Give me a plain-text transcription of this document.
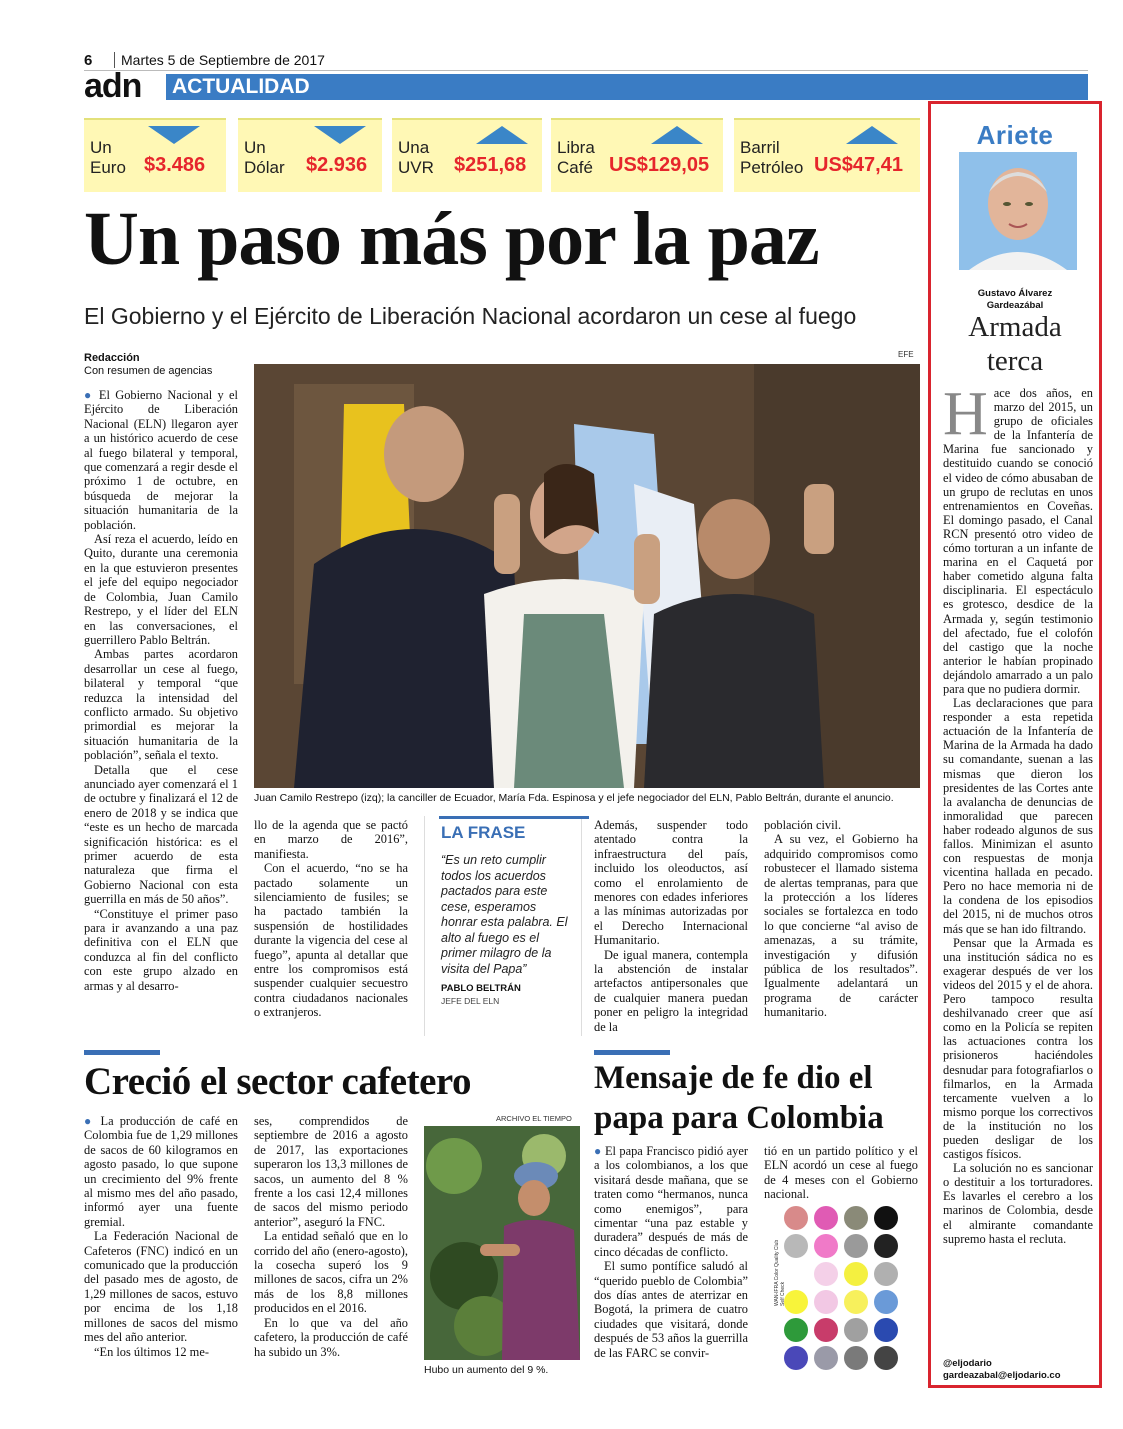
6	Martes 5 de Septiembre de 2017
adn ACTUALIDAD
Un
Euro $3.486
Un
Dólar $2.936
Una
UVR $251,68
Libra
Café US$129,05
Barril
Petróleo US$47,41
Un paso más por la paz
El Gobierno y el Ejército de Liberación Nacional acordaron un cese al fuego
Redacción
Con resumen de agencias
EFE
Juan Camilo Restrepo (izq); la canciller de Ecuador, María Fda. Espinosa y el jefe negociador del ELN, Pablo Beltrán, durante el anuncio.

● El Gobierno Nacional y el Ejército de Liberación Nacional (ELN) llegaron ayer a un histórico acuerdo de cese al fuego bilateral y temporal, que comenzará a regir desde el próximo 1 de octubre, en búsqueda de mejorar la situación humanitaria de la población.

Así reza el acuerdo, leído en Quito, durante una ceremonia en la que estuvieron presentes el jefe del equipo negociador de Colombia, Juan Camilo Restrepo, y el líder del ELN en las conversaciones, el guerrillero Pablo Beltrán.

Ambas partes acordaron desarrollar un cese al fuego, bilateral y temporal “que reduzca la intensidad del conflicto armado. Su objetivo primordial es mejorar la situación humanitaria de la población”, señala el texto.

Detalla que el cese anunciado ayer comenzará el 1 de octubre y finalizará el 12 de enero de 2018 y se indica que “este es un hecho de marcada significación histórica: es el primer acuerdo de esta naturaleza que firma el Gobierno Nacional con esta guerrilla en más de 50 años”.

“Constituye el primer paso para ir avanzando a una paz definitiva con el ELN que conduzca al fin del conflicto con este grupo alzado en armas y al desarro-

llo de la agenda que se pactó en marzo de 2016”, manifiesta.

Con el acuerdo, “no se ha pactado solamente un silenciamiento de fusiles; se ha pactado también la suspensión de hostilidades durante la vigencia del cese al fuego”, apunta al detallar que entre los compromisos está suspender cualquier secuestro contra ciudadanos nacionales o extranjeros.

LA FRASE
“Es un reto cumplir todos los acuerdos pactados para este cese, esperamos honrar esta palabra. El alto al fuego es el primer milagro de la visita del Papa”
PABLO BELTRÁN
JEFE DEL ELN

Además, suspender todo atentado contra la infraestructura del país, incluido los oleoductos, así como el enrolamiento de menores con edades inferiores a las mínimas autorizadas por el Derecho Internacional Humanitario.

De igual manera, contempla la abstención de instalar artefactos antipersonales que de cualquier manera puedan poner en peligro la integridad de la

población civil.

A su vez, el Gobierno ha adquirido compromisos como robustecer el llamado sistema de alertas tempranas, para que la protección a los líderes sociales se fortalezca en todo lo que concierne “al aviso de amenazas, a su trámite, investigación y difusión pública de los resultados”. Igualmente adelantará un programa de carácter humanitario.

Creció el sector cafetero

● La producción de café en Colombia fue de 1,29 millones de sacos de 60 kilogramos en agosto pasado, lo que supone un crecimiento del 9% frente al mismo mes del año pasado, informó ayer una fuente gremial.

La Federación Nacional de Cafeteros (FNC) indicó en un comunicado que la producción del pasado mes de agosto, de 1,29 millones de sacos, estuvo por encima de los 1,18 millones de sacos del mismo mes del año anterior.

“En los últimos 12 me-

ses, comprendidos de septiembre de 2016 a agosto de 2017, las exportaciones superaron los 13,3 millones de sacos, un aumento del 8 % frente a los casi 12,4 millones de sacos del mismo periodo anterior”, aseguró la FNC.

La entidad señaló que en lo corrido del año (enero-agosto), la cosecha superó los 9 millones de sacos, cifra un 2% más de los 8,8 millones producidos en el 2016.

En lo que va del año cafetero, la producción de café ha subido un 3%.

ARCHIVO EL TIEMPO
Hubo un aumento del 9 %.
Mensaje de fe dio el papa para Colombia

● El papa Francisco pidió ayer a los colombianos, a los que visitará desde mañana, que se traten como “hermanos, nunca como enemigos”, para cimentar “una paz estable y duradera” después de más de cinco décadas de conflicto.

El sumo pontífice saludó al “querido pueblo de Colombia” dos días antes de aterrizar en Bogotá, la primera de cuatro ciudades que visitará, donde después de 53 años la guerrilla de las FARC se convir-

tió en un partido político y el ELN acordó un cese al fuego de 4 meses con el Gobierno nacional.

WAN-IFRA Color Quality Club Self Check
Ariete
Gustavo Álvarez
Gardeazábal
Armada
terca

Hace dos años, en marzo del 2015, un grupo de oficiales de la Infantería de Marina fue sancionado y destituido cuando se conoció el video de cómo abusaban de un grupo de reclutas en unos entrenamientos en Coveñas. El domingo pasado, el Canal RCN presentó otro video de cómo torturan a un infante de marina en el Caquetá por haber cometido alguna falta disciplinaria. El espectáculo es grotesco, desdice de la Armada y, según testimonio del afectado, fue el colofón del castigo que la noche anterior le habían propinado dejándolo amarrado a un palo para que no pudiera dormir.

Las declaraciones que para responder a esta repetida actuación de la Infantería de Marina de la Armada ha dado su comandante, suenan a las mismas que dieron los presidentes de las Cortes ante la avalancha de denuncias de inmoralidad que parecen haber rodeado algunos de sus fallos. Minimizan el asunto con respuestas de monja vicentina hallada en pecado. Pero no hace memoria ni de la condena de los episodios del 2015, ni de muchos otros más que se han ido filtrando.

Pensar que la Armada es una institución sádica no es exagerar después de ver los videos del 2015 y el de ahora. Pero tampoco resulta deshilvanado creer que así como en la Policía se repiten las actuaciones contra los prisioneros haciéndoles desnudar para fotografiarlos o filmarlos, en la Armada tercamente vuelven a lo mismo porque los correctivos de la institución no los pueden desligar de los castigos físicos.

La solución no es sancionar o destituir a los torturadores. Es lavarles el cerebro a los marinos de Colombia, desde el almirante comandante supremo hasta el recluta.

@eljodario
gardeazabal@eljodario.co
